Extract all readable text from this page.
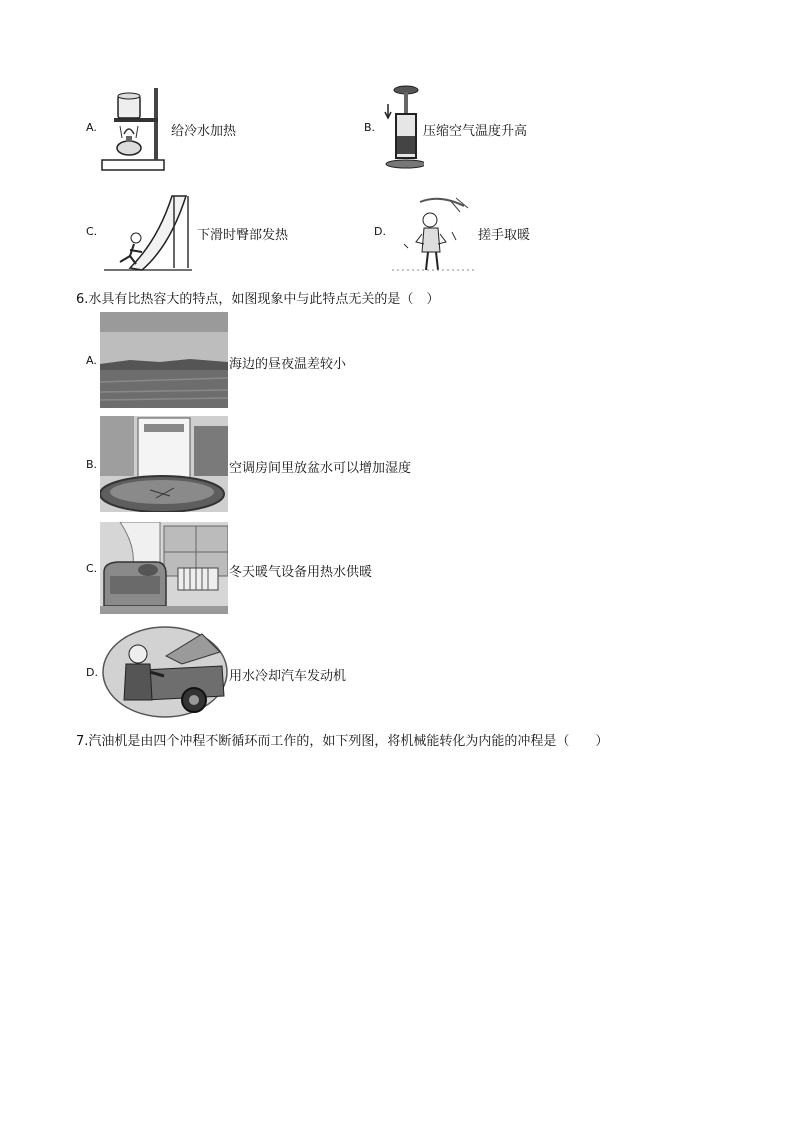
A.	给冷水加热	B.	压缩空气温度升高
C.	下滑时臀部发热	D.	搓手取暖
6.水具有比热容大的特点，如图现象中与此特点无关的是（　）
A.	海边的昼夜温差较小
B.	空调房间里放盆水可以增加湿度
C.	冬天暖气设备用热水供暖
D.	用水冷却汽车发动机
7.汽油机是由四个冲程不断循环而工作的，如下列图，将机械能转化为内能的冲程是（　　）
